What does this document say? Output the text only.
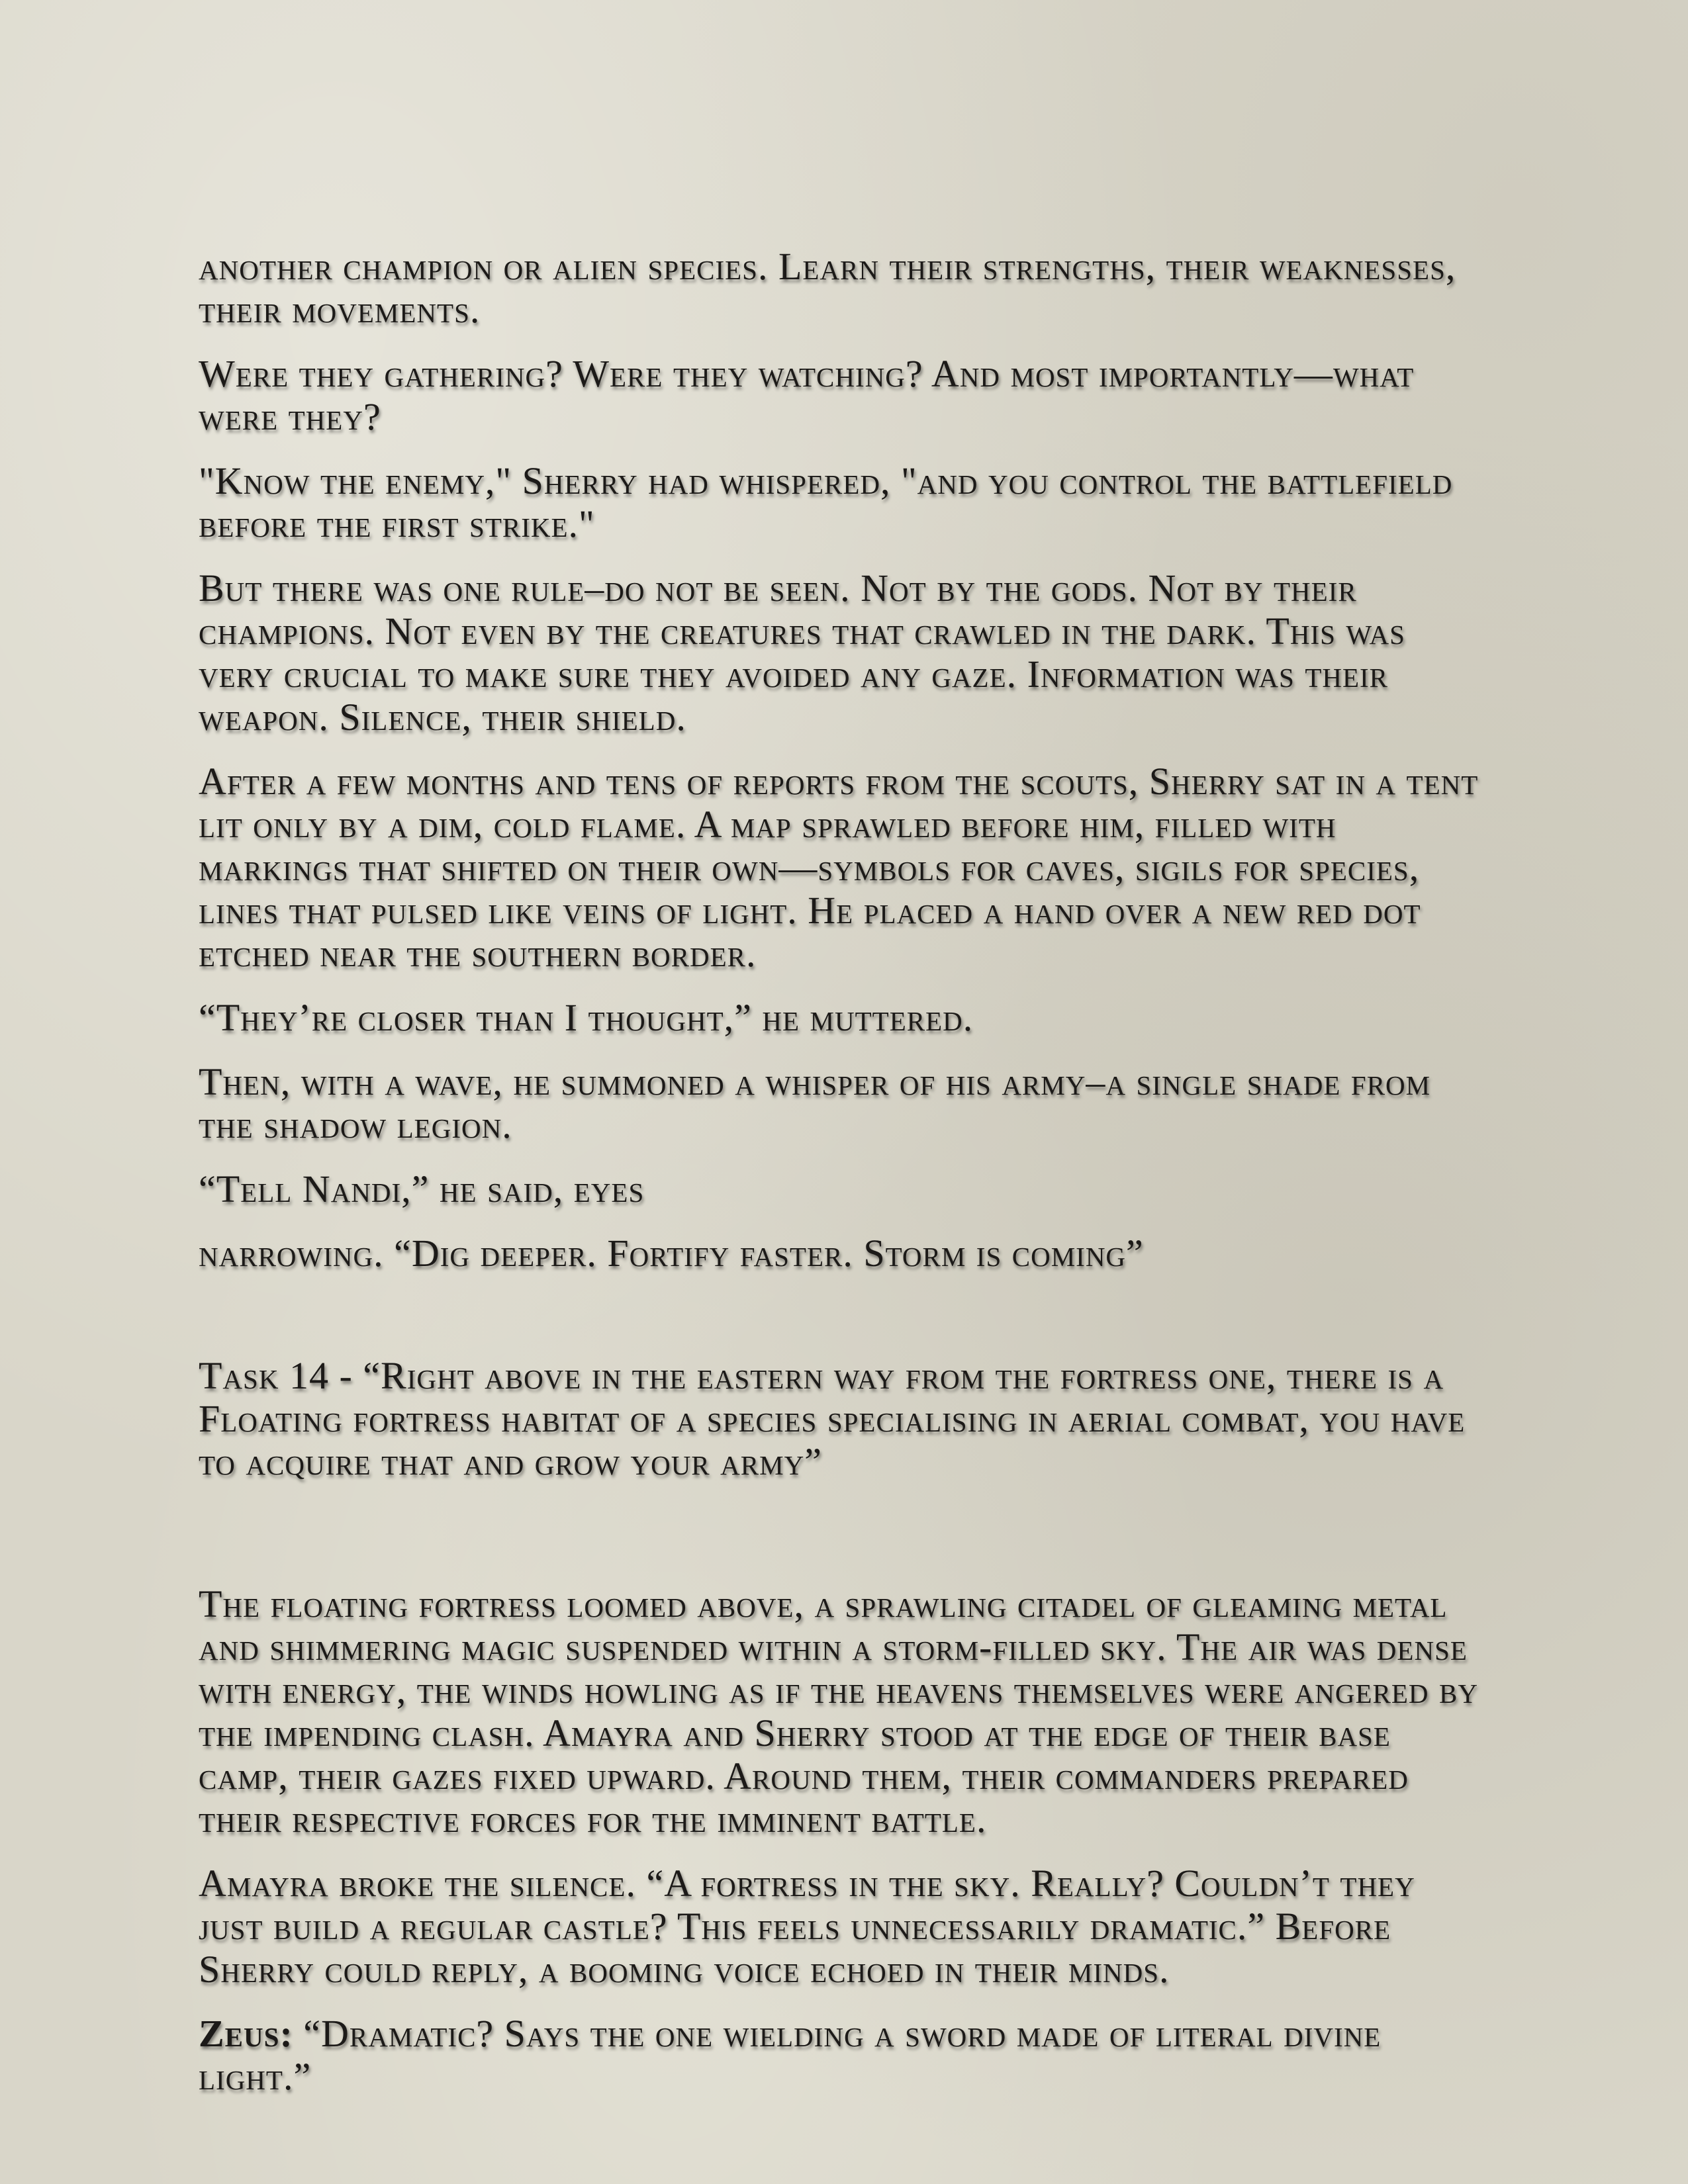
another champion or alien species. Learn their strengths, their weaknesses, their movements.

Were they gathering? Were they watching? And most importantly—what were they?

"Know the enemy," Sherry had whispered, "and you control the battlefield before the first strike."

But there was one rule–do not be seen. Not by the gods. Not by their champions. Not even by the creatures that crawled in the dark. This was very crucial to make sure they avoided any gaze. Information was their weapon. Silence, their shield.

After a few months and tens of reports from the scouts, Sherry sat in a tent lit only by a dim, cold flame. A map sprawled before him, filled with markings that shifted on their own—symbols for caves, sigils for species, lines that pulsed like veins of light. He placed a hand over a new red dot etched near the southern border.

“They’re closer than I thought,” he muttered.

Then, with a wave, he summoned a whisper of his army–a single shade from the shadow legion.

“Tell Nandi,” he said, eyes

narrowing. “Dig deeper. Fortify faster. Storm is coming”

Task 14 - “Right above in the eastern way from the fortress one, there is a Floating fortress habitat of a species specialising in aerial combat, you have to acquire that and grow your army”

The floating fortress loomed above, a sprawling citadel of gleaming metal and shimmering magic suspended within a storm-filled sky. The air was dense with energy, the winds howling as if the heavens themselves were angered by the impending clash. Amayra and Sherry stood at the edge of their base camp, their gazes fixed upward. Around them, their commanders prepared their respective forces for the imminent battle.

Amayra broke the silence. “A fortress in the sky. Really? Couldn’t they just build a regular castle? This feels unnecessarily dramatic.” Before Sherry could reply, a booming voice echoed in their minds.

Zeus: “Dramatic? Says the one wielding a sword made of literal divine light.”
